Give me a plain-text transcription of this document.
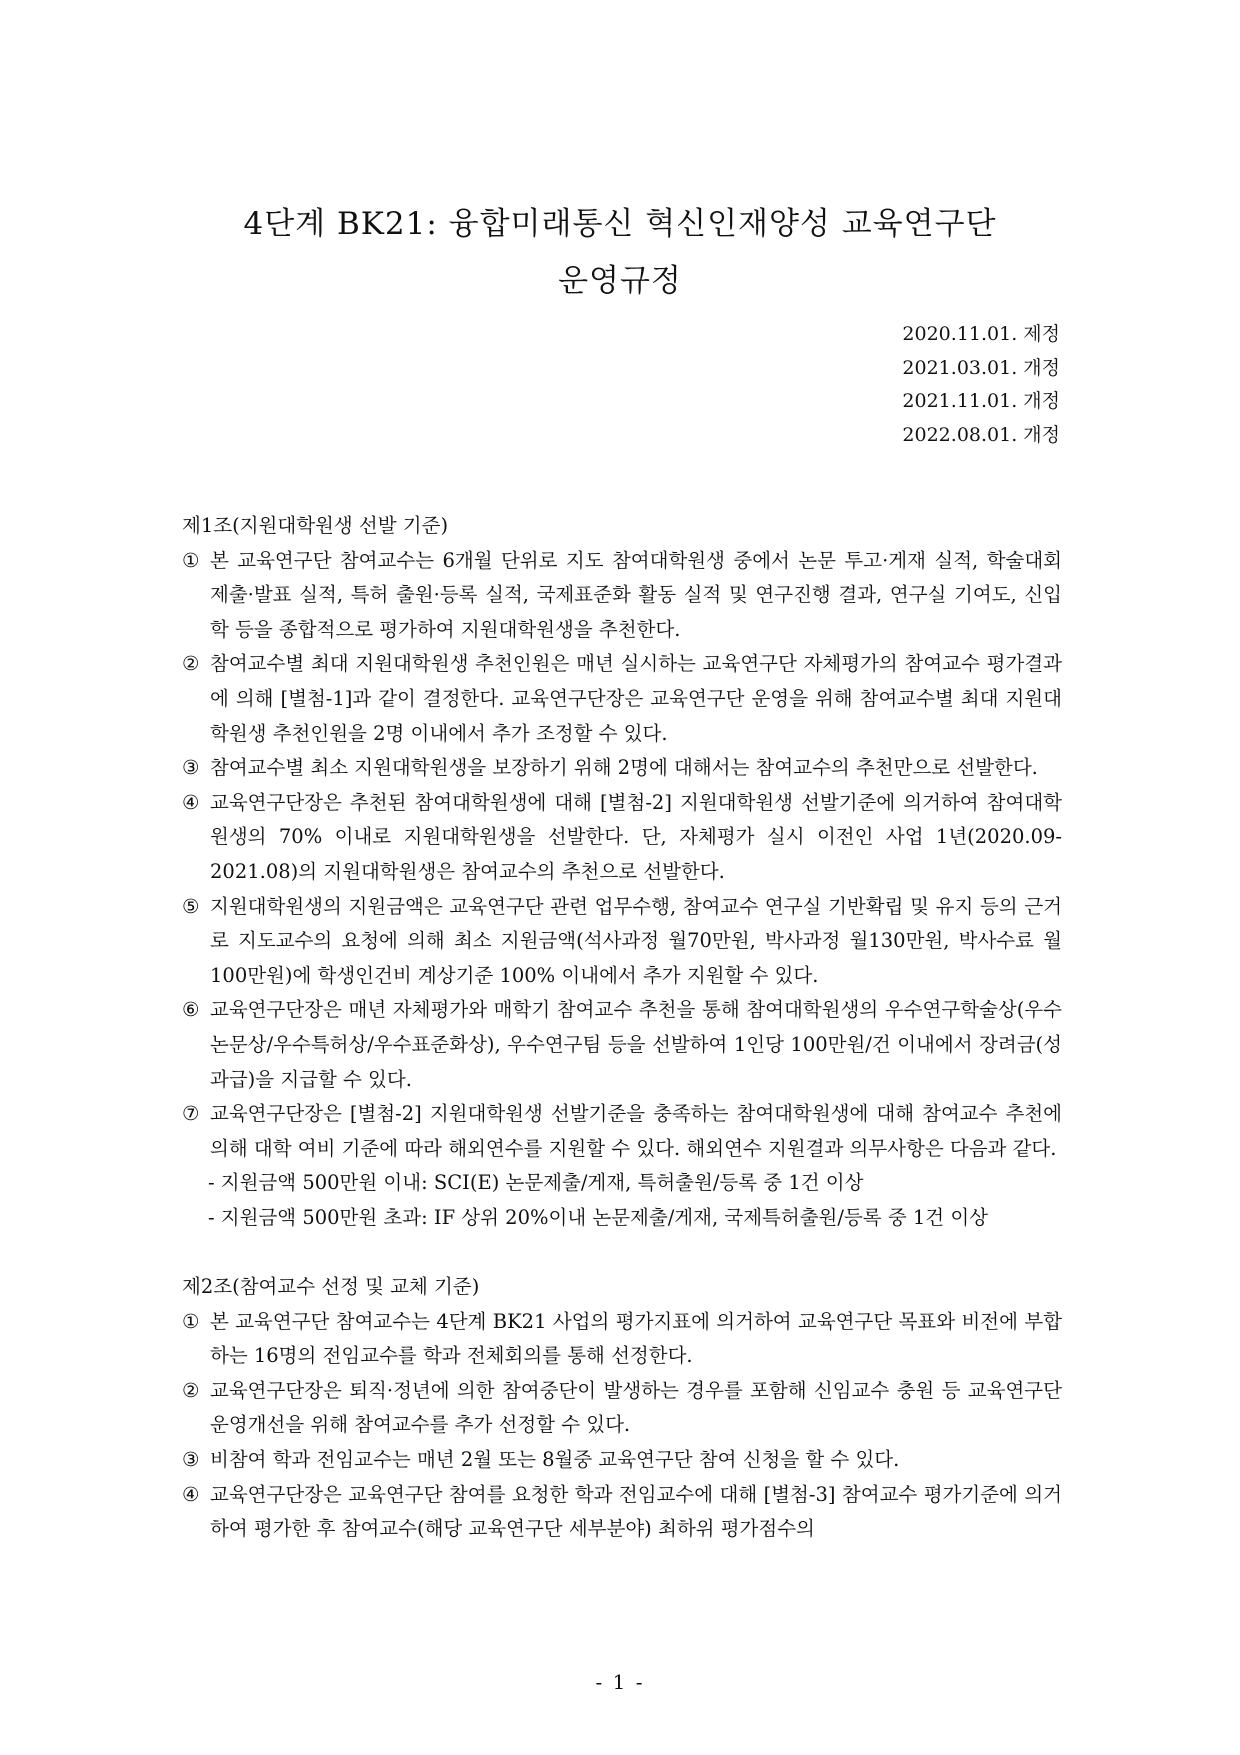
4단계 BK21: 융합미래통신 혁신인재양성 교육연구단
운영규정
2020.11.01. 제정
2021.03.01. 개정
2021.11.01. 개정
2022.08.01. 개정
제1조(지원대학원생 선발 기준)
① 본 교육연구단 참여교수는 6개월 단위로 지도 참여대학원생 중에서 논문 투고·게재 실적, 학술대회 제출·발표 실적, 특허 출원·등록 실적, 국제표준화 활동 실적 및 연구진행 결과, 연구실 기여도, 신입학 등을 종합적으로 평가하여 지원대학원생을 추천한다.
② 참여교수별 최대 지원대학원생 추천인원은 매년 실시하는 교육연구단 자체평가의 참여교수 평가결과에 의해 [별첨-1]과 같이 결정한다. 교육연구단장은 교육연구단 운영을 위해 참여교수별 최대 지원대학원생 추천인원을 2명 이내에서 추가 조정할 수 있다.
③ 참여교수별 최소 지원대학원생을 보장하기 위해 2명에 대해서는 참여교수의 추천만으로 선발한다.
④ 교육연구단장은 추천된 참여대학원생에 대해 [별첨-2] 지원대학원생 선발기준에 의거하여 참여대학원생의 70% 이내로 지원대학원생을 선발한다. 단, 자체평가 실시 이전인 사업 1년(2020.09-2021.08)의 지원대학원생은 참여교수의 추천으로 선발한다.
⑤ 지원대학원생의 지원금액은 교육연구단 관련 업무수행, 참여교수 연구실 기반확립 및 유지 등의 근거로 지도교수의 요청에 의해 최소 지원금액(석사과정 월70만원, 박사과정 월130만원, 박사수료 월100만원)에 학생인건비 계상기준 100% 이내에서 추가 지원할 수 있다.
⑥ 교육연구단장은 매년 자체평가와 매학기 참여교수 추천을 통해 참여대학원생의 우수연구학술상(우수논문상/우수특허상/우수표준화상), 우수연구팀 등을 선발하여 1인당 100만원/건 이내에서 장려금(성과급)을 지급할 수 있다.
⑦ 교육연구단장은 [별첨-2] 지원대학원생 선발기준을 충족하는 참여대학원생에 대해 참여교수 추천에 의해 대학 여비 기준에 따라 해외연수를 지원할 수 있다. 해외연수 지원결과 의무사항은 다음과 같다.
- 지원금액 500만원 이내: SCI(E) 논문제출/게재, 특허출원/등록 중 1건 이상
- 지원금액 500만원 초과: IF 상위 20%이내 논문제출/게재, 국제특허출원/등록 중 1건 이상
제2조(참여교수 선정 및 교체 기준)
① 본 교육연구단 참여교수는 4단계 BK21 사업의 평가지표에 의거하여 교육연구단 목표와 비전에 부합하는 16명의 전임교수를 학과 전체회의를 통해 선정한다.
② 교육연구단장은 퇴직·정년에 의한 참여중단이 발생하는 경우를 포함해 신임교수 충원 등 교육연구단 운영개선을 위해 참여교수를 추가 선정할 수 있다.
③ 비참여 학과 전임교수는 매년 2월 또는 8월중 교육연구단 참여 신청을 할 수 있다.
④ 교육연구단장은 교육연구단 참여를 요청한 학과 전임교수에 대해 [별첨-3] 참여교수 평가기준에 의거하여 평가한 후 참여교수(해당 교육연구단 세부분야) 최하위 평가점수의
- 1 -
